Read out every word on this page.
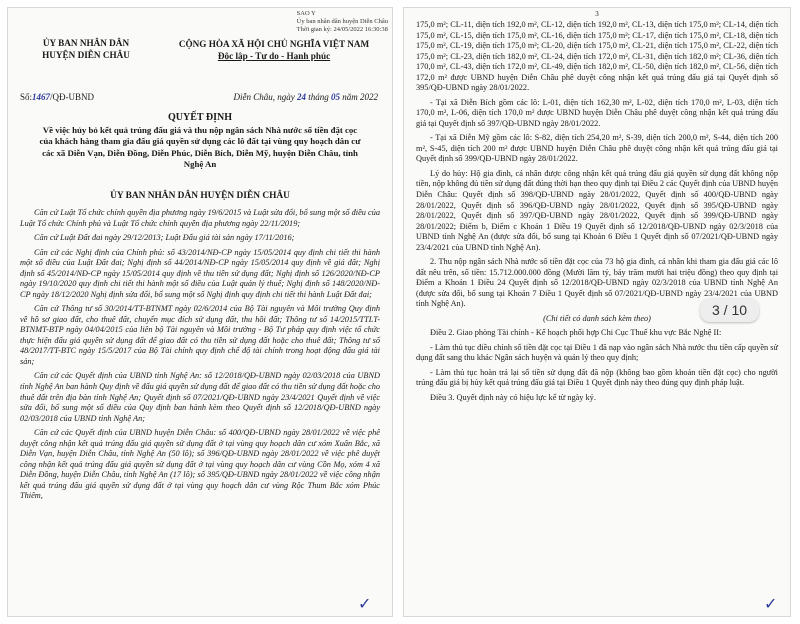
SAO Y
Ủy ban nhân dân huyện Diễn Châu
Thời gian ký: 24/05/2022 16:30:38
ỦY BAN NHÂN DÂN
HUYỆN DIỄN CHÂU
CỘNG HÒA XÃ HỘI CHỦ NGHĨA VIỆT NAM
Độc lập - Tự do - Hạnh phúc
Số:1467/QĐ-UBND	Diễn Châu, ngày 24 tháng 05 năm 2022
QUYẾT ĐỊNH
Về việc hủy bỏ kết quả trúng đấu giá và thu nộp ngân sách Nhà nước số tiền đặt cọc của khách hàng tham gia đấu giá quyền sử dụng các lô đất tại vùng quy hoạch dân cư các xã Diễn Vạn, Diễn Đồng, Diễn Phúc, Diễn Bích, Diễn Mỹ, huyện Diễn Châu, tỉnh Nghệ An
ỦY BAN NHÂN DÂN HUYỆN DIỄN CHÂU

Căn cứ Luật Tổ chức chính quyền địa phương ngày 19/6/2015 và Luật sửa đổi, bổ sung một số điều của Luật Tổ chức Chính phủ và Luật Tổ chức chính quyền địa phương ngày 22/11/2019;

Căn cứ Luật Đất đai ngày 29/12/2013; Luật Đấu giá tài sản ngày 17/11/2016;

Căn cứ các Nghị định của Chính phủ: số 43/2014/NĐ-CP ngày 15/05/2014 quy định chi tiết thi hành một số điều của Luật Đất đai; Nghị định số 44/2014/NĐ-CP ngày 15/05/2014 quy định về giá đất; Nghị định số 45/2014/NĐ-CP ngày 15/05/2014 quy định về thu tiền sử dụng đất; Nghị định số 126/2020/NĐ-CP ngày 19/10/2020 quy định chi tiết thi hành một số điều của Luật quản lý thuế; Nghị định số 148/2020/NĐ-CP ngày 18/12/2020 Nghị định sửa đổi, bổ sung một số Nghị định quy định chi tiết thi hành Luật Đất đai;

Căn cứ Thông tư số 30/2014/TT-BTNMT ngày 02/6/2014 của Bộ Tài nguyên và Môi trường Quy định về hồ sơ giao đất, cho thuê đất, chuyển mục đích sử dụng đất, thu hồi đất; Thông tư số 14/2015/TTLT-BTNMT-BTP ngày 04/04/2015 của liên bộ Tài nguyên và Môi trường - Bộ Tư pháp quy định việc tổ chức thực hiện đấu giá quyền sử dụng đất để giao đất có thu tiền sử dụng đất hoặc cho thuê đất; Thông tư số 48/2017/TT-BTC ngày 15/5/2017 của Bộ Tài chính quy định chế độ tài chính trong hoạt động đấu giá tài sản;

Căn cứ các Quyết định của UBND tỉnh Nghệ An: số 12/2018/QĐ-UBND ngày 02/03/2018 của UBND tỉnh Nghệ An ban hành Quy định về đấu giá quyền sử dụng đất để giao đất có thu tiền sử dụng đất hoặc cho thuê đất trên địa bàn tỉnh Nghệ An; Quyết định số 07/2021/QĐ-UBND ngày 23/4/2021 Quyết định về việc sửa đổi, bổ sung một số điều của Quy định ban hành kèm theo Quyết định số 12/2018/QĐ-UBND ngày 02/03/2018 của UBND tỉnh Nghệ An;

Căn cứ các Quyết định của UBND huyện Diễn Châu: số 400/QĐ-UBND ngày 28/01/2022 về việc phê duyệt công nhận kết quả trúng đấu giá quyền sử dụng đất ở tại vùng quy hoạch dân cư xóm Xuân Bắc, xã Diễn Vạn, huyện Diễn Châu, tỉnh Nghệ An (50 lô); số 396/QĐ-UBND ngày 28/01/2022 về việc phê duyệt công nhận kết quả trúng đấu giá quyền sử dụng đất ở tại vùng quy hoạch dân cư vùng Cồn Mọ, xóm 4 xã Diễn Đồng, huyện Diễn Châu, tỉnh Nghệ An (17 lô); số 395/QĐ-UBND ngày 28/01/2022 về việc công nhận kết quả trúng đấu giá quyền sử dụng đất ở tại vùng quy hoạch dân cư vùng Rộc Thum Bắc xóm Phúc Thiêm,

✓
3

175,0 m²; CL-11, diện tích 192,0 m², CL-12, diện tích 192,0 m², CL-13, diện tích 175,0 m²; CL-14, diện tích 175,0 m², CL-15, diện tích 175,0 m², CL-16, diện tích 175,0 m²; CL-17, diện tích 175,0 m², CL-18, diện tích 175,0 m², CL-19, diện tích 175,0 m²; CL-20, diện tích 175,0 m², CL-21, diện tích 175,0 m², CL-22, diện tích 175,0 m²; CL-23, diện tích 182,0 m², CL-24, diện tích 172,0 m², CL-31, diện tích 182,0 m²; CL-36, diện tích 170,0 m², CL-43, diện tích 172,0 m², CL-49, diện tích 182,0 m², CL-50, diện tích 182,0 m², CL-56, diện tích 172,0 m² được UBND huyện Diễn Châu phê duyệt công nhận kết quả trúng đấu giá tại Quyết định số 395/QĐ-UBND ngày 28/01/2022.

- Tại xã Diễn Bích gồm các lô: L-01, diện tích 162,30 m², L-02, diện tích 170,0 m², L-03, diện tích 170,0 m², L-06, diện tích 170,0 m² được UBND huyện Diễn Châu phê duyệt công nhận kết quả trúng đấu giá tại Quyết định số 397/QĐ-UBND ngày 28/01/2022.

- Tại xã Diễn Mỹ gồm các lô: S-82, diện tích 254,20 m², S-39, diện tích 200,0 m², S-44, diện tích 200 m², S-45, diện tích 200 m² được UBND huyện Diễn Châu phê duyệt công nhận kết quả trúng đấu giá tại Quyết định số 399/QĐ-UBND ngày 28/01/2022.

Lý do hủy: Hộ gia đình, cá nhân được công nhận kết quả trúng đấu giá quyền sử dụng đất không nộp tiền, nộp không đủ tiền sử dụng đất đúng thời hạn theo quy định tại Điều 2 các Quyết định của UBND huyện Diễn Châu: Quyết định số 398/QĐ-UBND ngày 28/01/2022, Quyết định số 400/QĐ-UBND ngày 28/01/2022, Quyết định số 396/QĐ-UBND ngày 28/01/2022, Quyết định số 395/QĐ-UBND ngày 28/01/2022, Quyết định số 397/QĐ-UBND ngày 28/01/2022, Quyết định số 399/QĐ-UBND ngày 28/01/2022; Điểm b, Điểm c Khoản 1 Điều 19 Quyết định số 12/2018/QĐ-UBND ngày 02/3/2018 của UBND tỉnh Nghệ An (được sửa đổi, bổ sung tại Khoản 6 Điều 1 Quyết định số 07/2021/QĐ-UBND ngày 23/4/2021 của UBND tỉnh Nghệ An).

2. Thu nộp ngân sách Nhà nước số tiền đặt cọc của 73 hộ gia đình, cá nhân khi tham gia đấu giá các lô đất nêu trên, số tiền: 15.712.000.000 đồng (Mười lăm tỷ, bảy trăm mười hai triệu đồng) theo quy định tại Điểm a Khoản 1 Điều 24 Quyết định số 12/2018/QĐ-UBND ngày 02/3/2018 của UBND tỉnh Nghệ An (được sửa đổi, bổ sung tại Khoản 7 Điều 1 Quyết định số 07/2021/QĐ-UBND ngày 23/4/2021 của UBND tỉnh Nghệ An).

(Chi tiết có danh sách kèm theo)

Điều 2. Giao phòng Tài chính - Kế hoạch phối hợp Chi Cục Thuế khu vực Bắc Nghệ II:

- Làm thủ tục điều chỉnh số tiền đặt cọc tại Điều 1 đã nạp vào ngân sách Nhà nước thu tiền cấp quyền sử dụng đất sang thu khác Ngân sách huyện và quản lý theo quy định;

- Làm thủ tục hoàn trả lại số tiền sử dụng đất đã nộp (không bao gồm khoản tiền đặt cọc) cho người trúng đấu giá bị hủy kết quả trúng đấu giá tại Điều 1 Quyết định này theo đúng quy định pháp luật.

Điều 3. Quyết định này có hiệu lực kể từ ngày ký.

✓
3 / 10
